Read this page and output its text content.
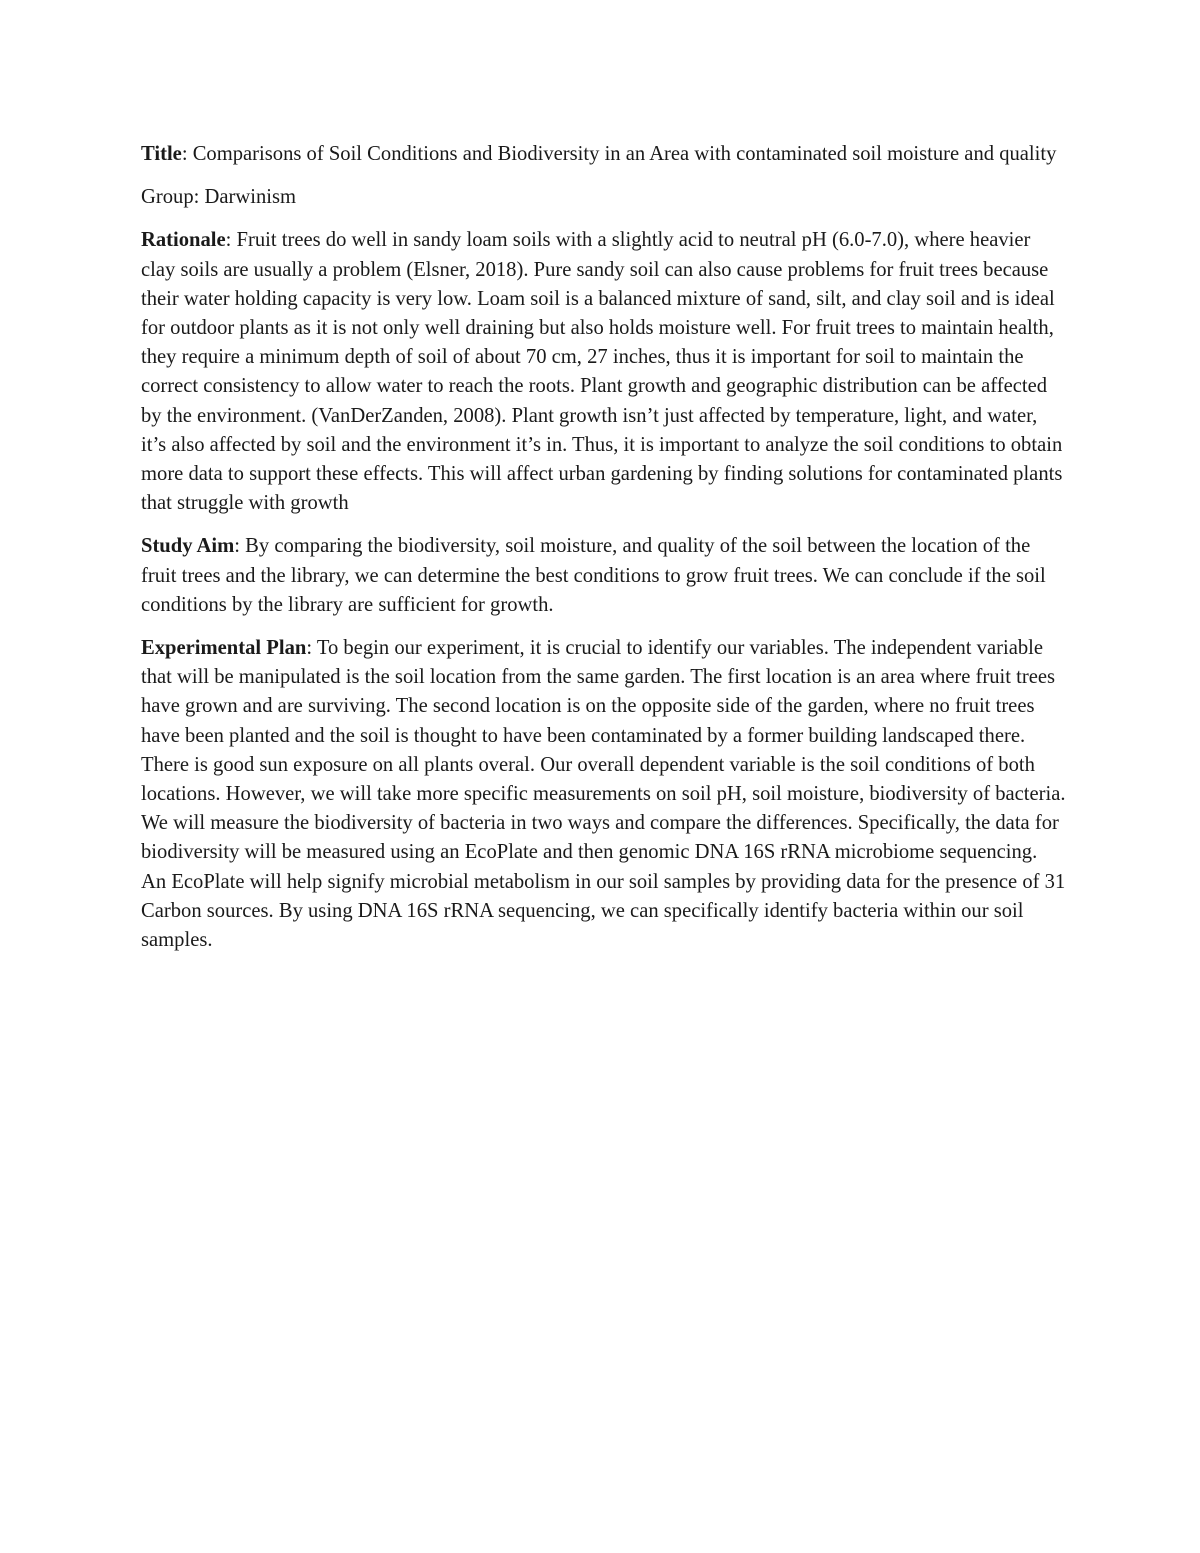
Title: Comparisons of Soil Conditions and Biodiversity in an Area with contaminated soil moisture and quality

Group: Darwinism

Rationale: Fruit trees do well in sandy loam soils with a slightly acid to neutral pH (6.0-7.0), where heavier clay soils are usually a problem (Elsner, 2018). Pure sandy soil can also cause problems for fruit trees because their water holding capacity is very low. Loam soil is a balanced mixture of sand, silt, and clay soil and is ideal for outdoor plants as it is not only well draining but also holds moisture well. For fruit trees to maintain health, they require a minimum depth of soil of about 70 cm, 27 inches, thus it is important for soil to maintain the correct consistency to allow water to reach the roots. Plant growth and geographic distribution can be affected by the environment. (VanDerZanden, 2008). Plant growth isn’t just affected by temperature, light, and water, it’s also affected by soil and the environment it’s in. Thus, it is important to analyze the soil conditions to obtain more data to support these effects. This will affect urban gardening by finding solutions for contaminated plants that struggle with growth

Study Aim: By comparing the biodiversity, soil moisture, and quality of the soil between the location of the fruit trees and the library, we can determine the best conditions to grow fruit trees. We can conclude if the soil conditions by the library are sufficient for growth.

Experimental Plan: To begin our experiment, it is crucial to identify our variables. The independent variable that will be manipulated is the soil location from the same garden. The first location is an area where fruit trees have grown and are surviving. The second location is on the opposite side of the garden, where no fruit trees have been planted and the soil is thought to have been contaminated by a former building landscaped there. There is good sun exposure on all plants overal. Our overall dependent variable is the soil conditions of both locations. However, we will take more specific measurements on soil pH, soil moisture, biodiversity of bacteria. We will measure the biodiversity of bacteria in two ways and compare the differences. Specifically, the data for biodiversity will be measured using an EcoPlate and then genomic DNA 16S rRNA microbiome sequencing. An EcoPlate will help signify microbial metabolism in our soil samples by providing data for the presence of 31 Carbon sources. By using DNA 16S rRNA sequencing, we can specifically identify bacteria within our soil samples.
